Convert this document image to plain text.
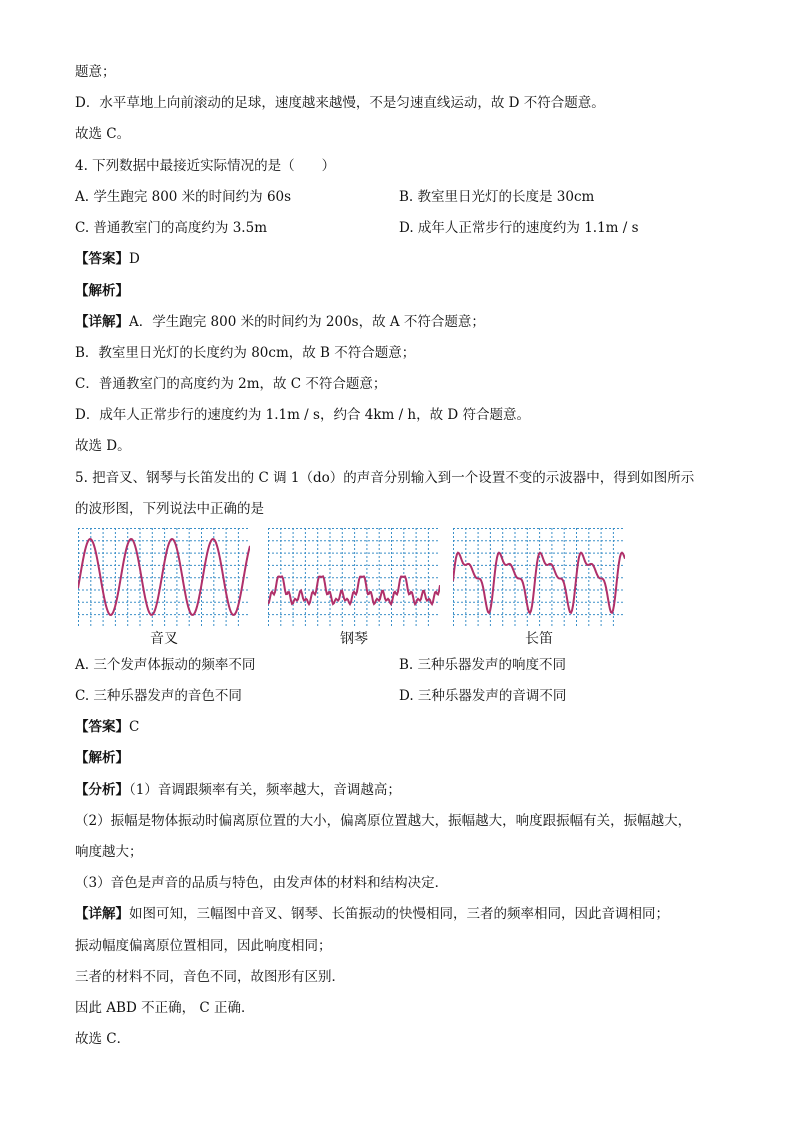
题意；
D．水平草地上向前滚动的足球，速度越来越慢，不是匀速直线运动，故 D 不符合题意。
故选 C。
4. 下列数据中最接近实际情况的是（　　）
A. 学生跑完 800 米的时间约为 60s	B. 教室里日光灯的长度是 30cm
C. 普通教室门的高度约为 3.5m	D. 成年人正常步行的速度约为 1.1m / s
【答案】D
【解析】
【详解】A．学生跑完 800 米的时间约为 200s，故 A 不符合题意；
B．教室里日光灯的长度约为 80cm，故 B 不符合题意；
C．普通教室门的高度约为 2m，故 C 不符合题意；
D．成年人正常步行的速度约为 1.1m / s，约合 4km / h，故 D 符合题意。
故选 D。
5. 把音叉、钢琴与长笛发出的 C 调 1（do）的声音分别输入到一个设置不变的示波器中，得到如图所示
的波形图，下列说法中正确的是
音叉	钢琴	长笛
A. 三个发声体振动的频率不同	B. 三种乐器发声的响度不同
C. 三种乐器发声的音色不同	D. 三种乐器发声的音调不同
【答案】C
【解析】
【分析】（1）音调跟频率有关，频率越大，音调越高；
（2）振幅是物体振动时偏离原位置的大小，偏离原位置越大，振幅越大，响度跟振幅有关，振幅越大，
响度越大；
（3）音色是声音的品质与特色，由发声体的材料和结构决定．
【详解】如图可知，三幅图中音叉、钢琴、长笛振动的快慢相同，三者的频率相同，因此音调相同；
振动幅度偏离原位置相同，因此响度相同；
三者的材料不同，音色不同，故图形有区别．
因此 ABD 不正确， C 正确．
故选 C．
